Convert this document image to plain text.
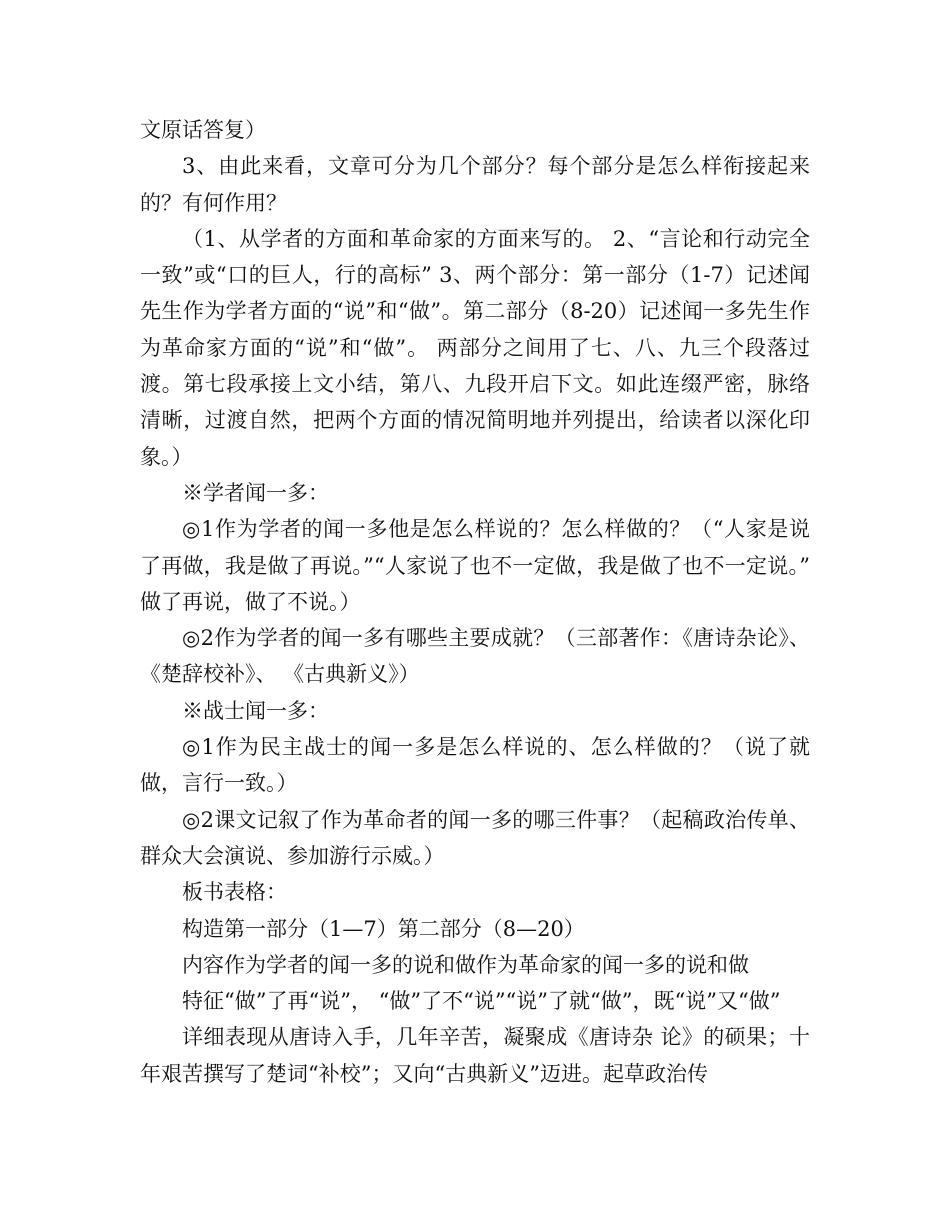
文原话答复）

3、由此来看，文章可分为几个部分？每个部分是怎么样衔接起来的？有何作用？

（1、从学者的方面和革命家的方面来写的。 2、“言论和行动完全一致”或“口的巨人，行的高标” 3、两个部分：第一部分（1-7）记述闻先生作为学者方面的“说”和“做”。第二部分（8-20）记述闻一多先生作为革命家方面的“说”和“做”。 两部分之间用了七、八、九三个段落过渡。第七段承接上文小结，第八、九段开启下文。如此连缀严密，脉络清晰，过渡自然，把两个方面的情况简明地并列提出，给读者以深化印象。）

※学者闻一多：

◎1作为学者的闻一多他是怎么样说的？怎么样做的？（“人家是说了再做，我是做了再说。”“人家说了也不一定做，我是做了也不一定说。” 做了再说，做了不说。）

◎2作为学者的闻一多有哪些主要成就？（三部著作：《唐诗杂论》、《楚辞校补》、 《古典新义》）

※战士闻一多：

◎1作为民主战士的闻一多是怎么样说的、怎么样做的？（说了就做，言行一致。）

◎2课文记叙了作为革命者的闻一多的哪三件事？（起稿政治传单、群众大会演说、参加游行示威。）

板书表格：

构造第一部分（1—7）第二部分（8—20）

内容作为学者的闻一多的说和做作为革命家的闻一多的说和做

特征“做”了再“说”， “做”了不“说”“说”了就“做”，既“说”又“做”

详细表现从唐诗入手，几年辛苦，凝聚成《唐诗杂 论》的硕果；十年艰苦撰写了楚词“补校”；又向“古典新义”迈进。起草政治传
